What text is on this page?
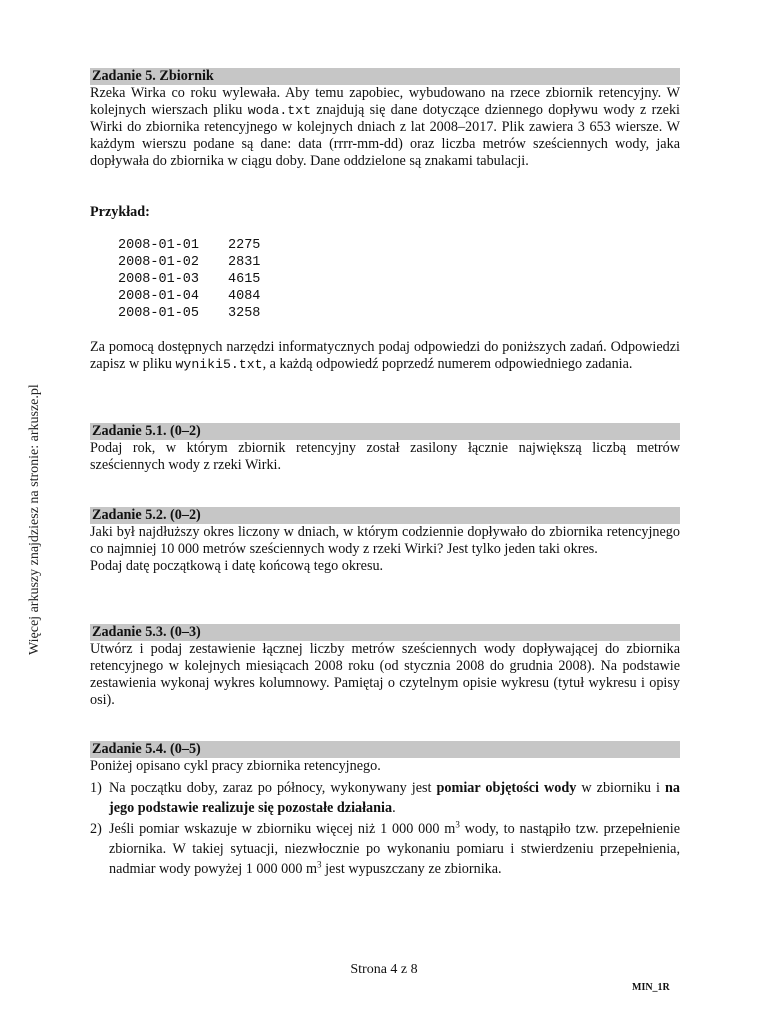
Więcej arkuszy znajdziesz na stronie: arkusze.pl
Zadanie 5. Zbiornik

Rzeka Wirka co roku wylewała. Aby temu zapobiec, wybudowano na rzece zbiornik retencyjny. W kolejnych wierszach pliku woda.txt znajdują się dane dotyczące dziennego dopływu wody z rzeki Wirki do zbiornika retencyjnego w kolejnych dniach z lat 2008–2017. Plik zawiera 3 653 wiersze. W każdym wierszu podane są dane: data (rrrr-mm-dd) oraz liczba metrów sześciennych wody, jaka dopływała do zbiornika w ciągu doby. Dane oddzielone są znakami tabulacji.

Przykład:
2008-01-01 2275
2008-01-02 2831
2008-01-03 4615
2008-01-04 4084
2008-01-05 3258

Za pomocą dostępnych narzędzi informatycznych podaj odpowiedzi do poniższych zadań. Odpowiedzi zapisz w pliku wyniki5.txt, a każdą odpowiedź poprzedź numerem odpowiedniego zadania.

Zadanie 5.1. (0–2)

Podaj rok, w którym zbiornik retencyjny został zasilony łącznie największą liczbą metrów sześciennych wody z rzeki Wirki.

Zadanie 5.2. (0–2)

Jaki był najdłuższy okres liczony w dniach, w którym codziennie dopływało do zbiornika retencyjnego co najmniej 10 000 metrów sześciennych wody z rzeki Wirki? Jest tylko jeden taki okres.

Podaj datę początkową i datę końcową tego okresu.

Zadanie 5.3. (0–3)

Utwórz i podaj zestawienie łącznej liczby metrów sześciennych wody dopływającej do zbiornika retencyjnego w kolejnych miesiącach 2008 roku (od stycznia 2008 do grudnia 2008). Na podstawie zestawienia wykonaj wykres kolumnowy. Pamiętaj o czytelnym opisie wykresu (tytuł wykresu i opisy osi).

Zadanie 5.4. (0–5)

Poniżej opisano cykl pracy zbiornika retencyjnego.

1) Na początku doby, zaraz po północy, wykonywany jest pomiar objętości wody w zbiorniku i na jego podstawie realizuje się pozostałe działania.
2) Jeśli pomiar wskazuje w zbiorniku więcej niż 1 000 000 $m^3$ wody, to nastąpiło tzw. przepełnienie zbiornika. W takiej sytuacji, niezwłocznie po wykonaniu pomiaru i stwierdzeniu przepełnienia, nadmiar wody powyżej 1 000 000 $m^3$ jest wypuszczany ze zbiornika.
Strona 4 z 8
MIN_1R
